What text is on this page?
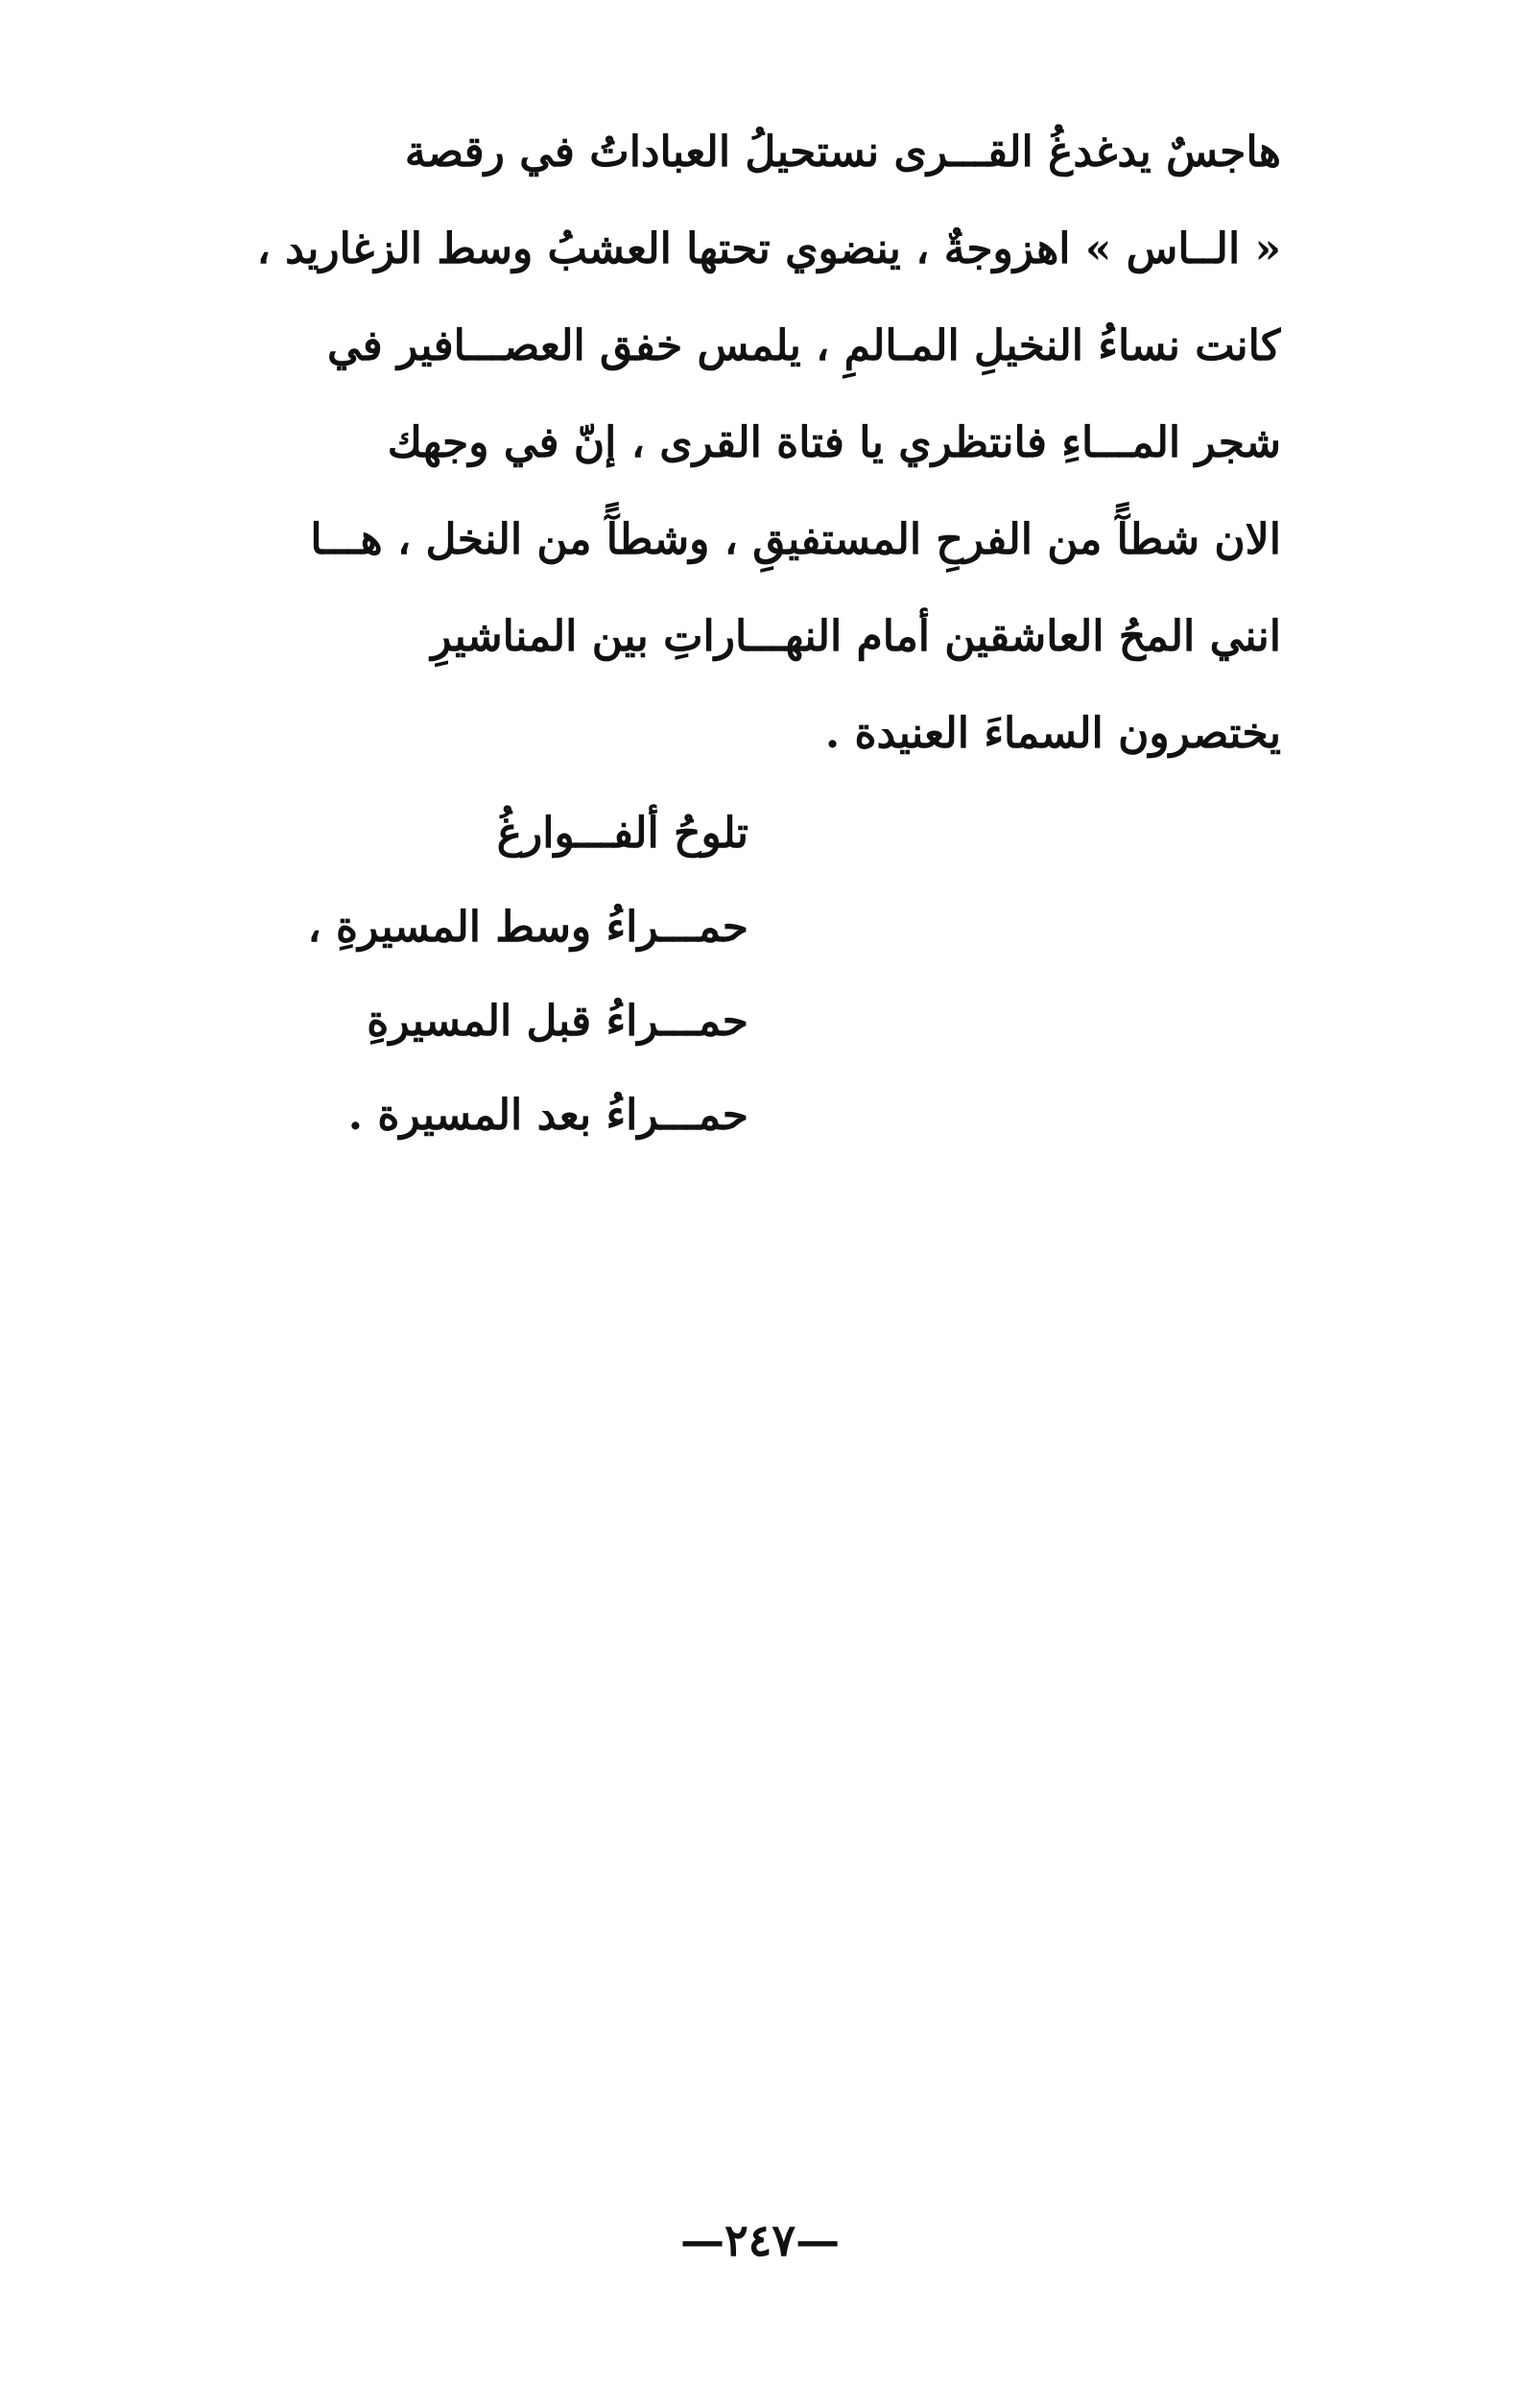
هاجسٌ يدغدغُ القـــرى نستحيلُ العباداتُ في رقصة
« الــاس » اهزوجةٌ ، ينضوي تحتها العشبُ وسط الزغاريد ،
كانت نساءُ النخيلِ المـالمِ ، يلمس خفق العصـــافير في
شجر المـــاءِ فانتظري يا فتاة القرى ، إنّ في وجهك
الان شطآً من الفرحِ المستفيقِ ، وشطآً من النخل ، هـــا
انني المحُ العاشقين أمام النهـــاراتِ بين المناشيرِ
يختصرون السماءَ العنيدة .
تلوحُ ألفـــوارغُ
حمـــراءُ وسط المسيرةِ ،
حمـــراءُ قبل المسيرةِ
حمـــراءُ بعد المسيرة .
—٢٤٧—
